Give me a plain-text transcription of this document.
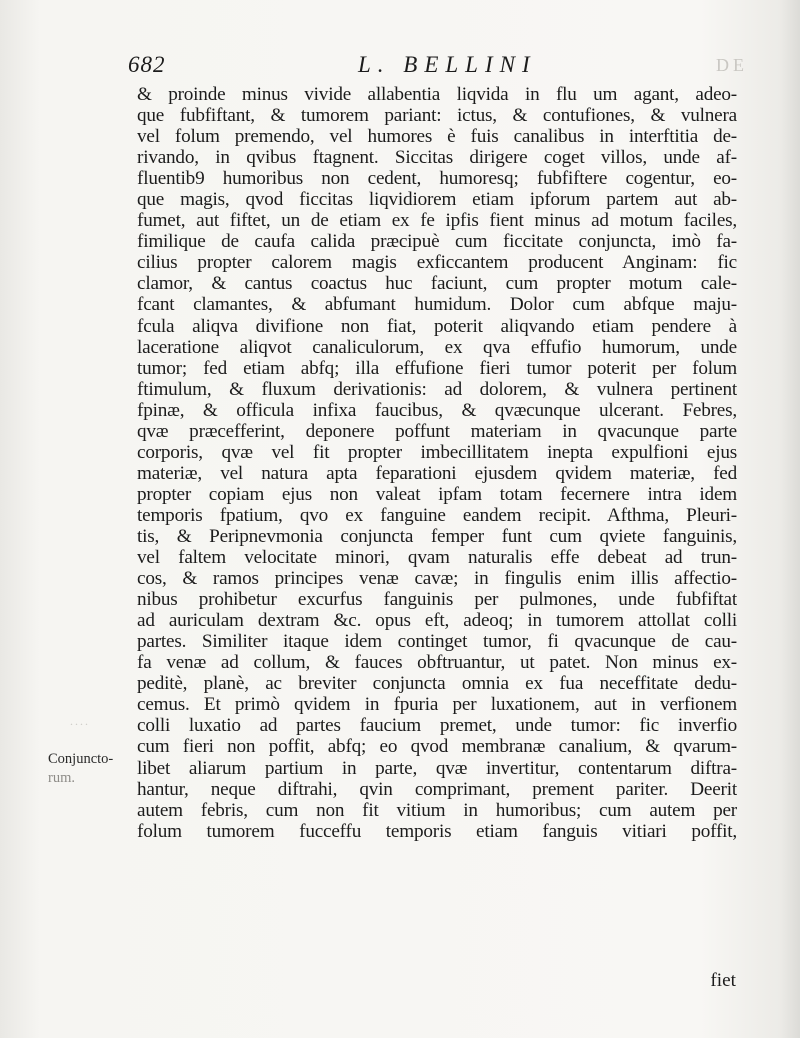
682	L. BELLINI	DE
& proinde minus vivide allabentia liqvida in flu um agant, adeo-
que fubfiftant, & tumorem pariant: ictus, & contufiones, & vulnera
vel folum premendo, vel humores è fuis canalibus in interftitia de-
rivando, in qvibus ftagnent. Siccitas dirigere coget villos, unde af-
fluentib9 humoribus non cedent, humoresq; fubfiftere cogentur, eo-
que magis, qvod ficcitas liqvidiorem etiam ipforum partem aut ab-
fumet, aut fiftet, un de etiam ex fe ipfis fient minus ad motum faciles,
fimilique de caufa calida præcipuè cum ficcitate conjuncta, imò fa-
cilius propter calorem magis exficcantem producent Anginam: fic
clamor, & cantus coactus huc faciunt, cum propter motum cale-
fcant clamantes, & abfumant humidum. Dolor cum abfque maju-
fcula aliqva divifione non fiat, poterit aliqvando etiam pendere à
laceratione aliqvot canaliculorum, ex qva effufio humorum, unde
tumor; fed etiam abfq; illa effufione fieri tumor poterit per folum
ftimulum, & fluxum derivationis: ad dolorem, & vulnera pertinent
fpinæ, & officula infixa faucibus, & qvæcunque ulcerant. Febres,
qvæ præcefferint, deponere poffunt materiam in qvacunque parte
corporis, qvæ vel fit propter imbecillitatem inepta expulfioni ejus
materiæ, vel natura apta feparationi ejusdem qvidem materiæ, fed
propter copiam ejus non valeat ipfam totam fecernere intra idem
temporis fpatium, qvo ex fanguine eandem recipit. Afthma, Pleuri-
tis, & Peripnevmonia conjuncta femper funt cum qviete fanguinis,
vel faltem velocitate minori, qvam naturalis effe debeat ad trun-
cos, & ramos principes venæ cavæ; in fingulis enim illis affectio-
nibus prohibetur excurfus fanguinis per pulmones, unde fubfiftat
ad auriculam dextram &c. opus eft, adeoq; in tumorem attollat colli
partes. Similiter itaque idem continget tumor, fi qvacunque de cau-
fa venæ ad collum, & fauces obftruantur, ut patet. Non minus ex-
peditè, planè, ac breviter conjuncta omnia ex fua neceffitate dedu-
cemus. Et primò qvidem in fpuria per luxationem, aut in verfionem
colli luxatio ad partes faucium premet, unde tumor: fic inverfio
cum fieri non poffit, abfq; eo qvod membranæ canalium, & qvarum-
libet aliarum partium in parte, qvæ invertitur, contentarum diftra-
hantur, neque diftrahi, qvin comprimant, prement pariter. Deerit
autem febris, cum non fit vitium in humoribus; cum autem per
folum tumorem fucceffu temporis etiam fanguis vitiari poffit,
....
Conjuncto-
rum.
fiet
